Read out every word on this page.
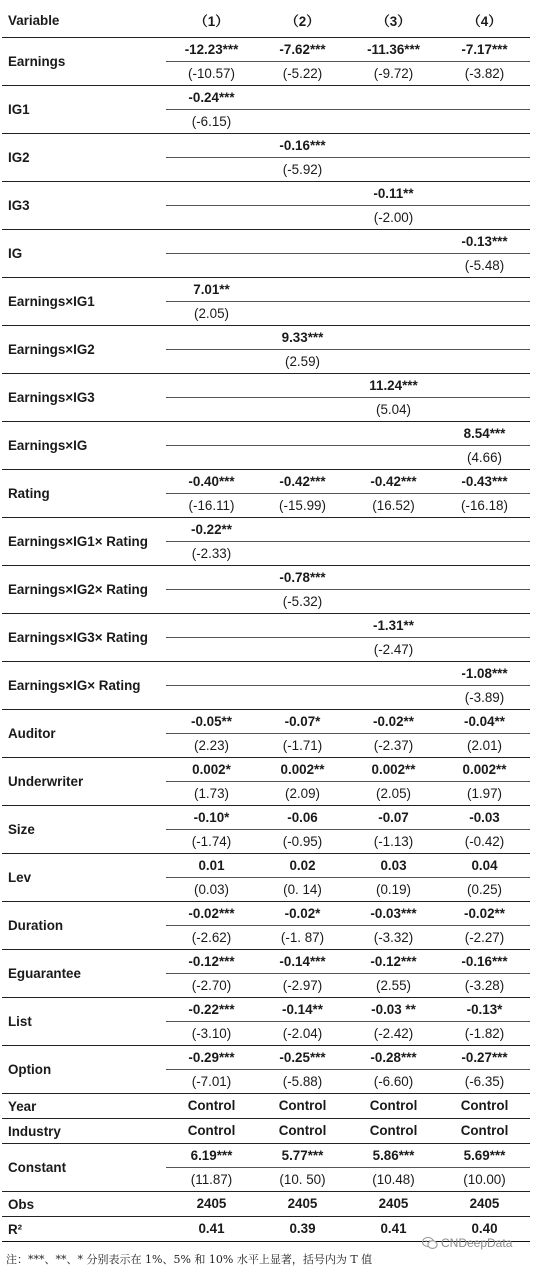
Variable	（1）	（2）	（3）	（4）
Earnings	-12.23***	-7.62***	-11.36***	-7.17***
	(-10.57)	(-5.22)	(-9.72)	(-3.82)
IG1	-0.24***			
	(-6.15)			
IG2		-0.16***		
		(-5.92)		
IG3			-0.11**	
			(-2.00)	
IG				-0.13***
				(-5.48)
Earnings×IG1	7.01**			
	(2.05)			
Earnings×IG2		9.33***		
		(2.59)		
Earnings×IG3			11.24***	
			(5.04)	
Earnings×IG				8.54***
				(4.66)
Rating	-0.40***	-0.42***	-0.42***	-0.43***
	(-16.11)	(-15.99)	(16.52)	(-16.18)
Earnings×IG1× Rating	-0.22**			
	(-2.33)			
Earnings×IG2× Rating		-0.78***		
		(-5.32)		
Earnings×IG3× Rating			-1.31**	
			(-2.47)	
Earnings×IG× Rating				-1.08***
				(-3.89)
Auditor	-0.05**	-0.07*	-0.02**	-0.04**
	(2.23)	(-1.71)	(-2.37)	(2.01)
Underwriter	0.002*	0.002**	0.002**	0.002**
	(1.73)	(2.09)	(2.05)	(1.97)
Size	-0.10*	-0.06	-0.07	-0.03
	(-1.74)	(-0.95)	(-1.13)	(-0.42)
Lev	0.01	0.02	0.03	0.04
	(0.03)	(0. 14)	(0.19)	(0.25)
Duration	-0.02***	-0.02*	-0.03***	-0.02**
	(-2.62)	(-1. 87)	(-3.32)	(-2.27)
Eguarantee	-0.12***	-0.14***	-0.12***	-0.16***
	(-2.70)	(-2.97)	(2.55)	(-3.28)
List	-0.22***	-0.14**	-0.03 **	-0.13*
	(-3.10)	(-2.04)	(-2.42)	(-1.82)
Option	-0.29***	-0.25***	-0.28***	-0.27***
	(-7.01)	(-5.88)	(-6.60)	(-6.35)
Year	Control	Control	Control	Control
Industry	Control	Control	Control	Control
Constant	6.19***	5.77***	5.86***	5.69***
	(11.87)	(10. 50)	(10.48)	(10.00)
Obs	2405	2405	2405	2405
R²	0.41	0.39	0.41	0.40
注：***、**、* 分别表示在 1%、5% 和 10% 水平上显著，括号内为 T 值
CNDeepData
